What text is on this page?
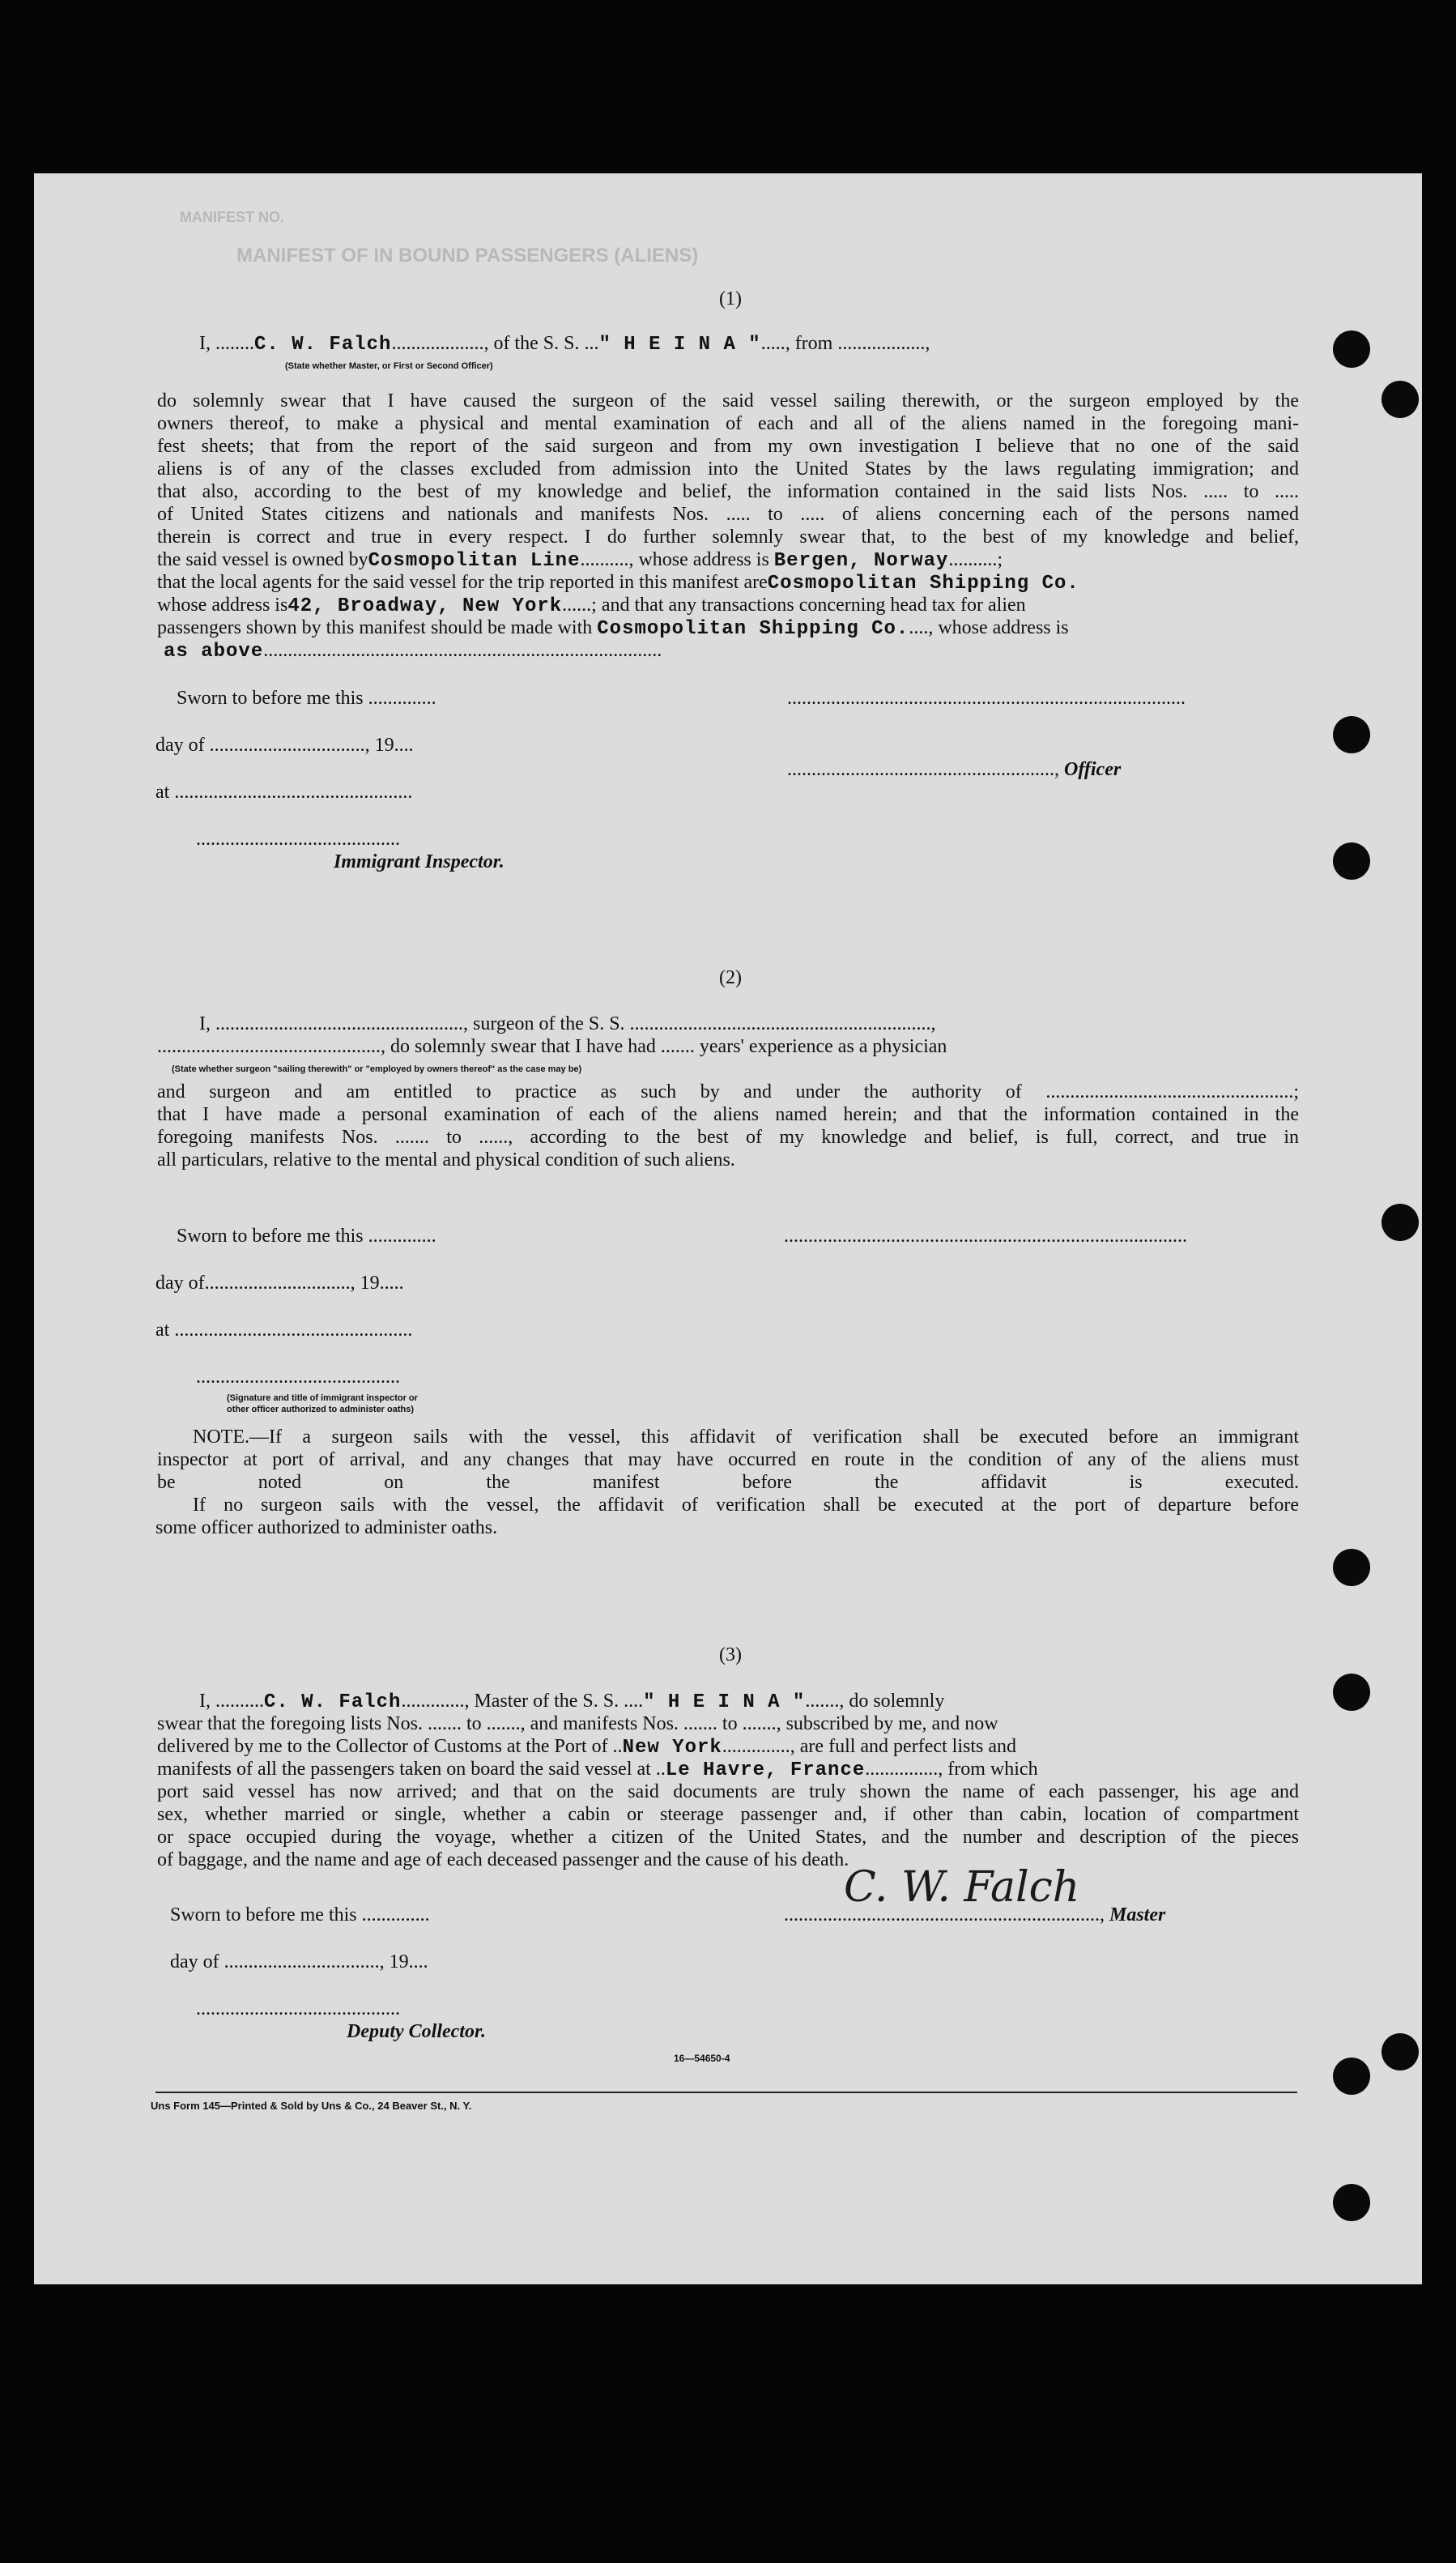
MANIFEST NO.
MANIFEST OF IN BOUND PASSENGERS (ALIENS)
(1)
I, ........C. W. Falch..................., of the S. S. ..." H E I N A "....., from ..................,
(State whether Master, or First or Second Officer)
do solemnly swear that I have caused the surgeon of the said vessel sailing therewith, or the surgeon employed by the
owners thereof, to make a physical and mental examination of each and all of the aliens named in the foregoing mani-
fest sheets; that from the report of the said surgeon and from my own investigation I believe that no one of the said
aliens is of any of the classes excluded from admission into the United States by the laws regulating immigration; and
that also, according to the best of my knowledge and belief, the information contained in the said lists Nos. ..... to .....
of United States citizens and nationals and manifests Nos. ..... to ..... of aliens concerning each of the persons named
therein is correct and true in every respect. I do further solemnly swear that, to the best of my knowledge and belief,
the said vessel is owned byCosmopolitan Line.........., whose address is Bergen, Norway..........;
that the local agents for the said vessel for the trip reported in this manifest areCosmopolitan Shipping Co.
whose address is42, Broadway, New York......; and that any transactions concerning head tax for alien
passengers shown by this manifest should be made with Cosmopolitan Shipping Co....., whose address is
as above..................................................................................
Sworn to before me this ..............	..................................................................................
day of ................................, 19....
......................................................., Officer
at .................................................
..........................................
Immigrant Inspector.
(2)
I, ..................................................., surgeon of the S. S. ..............................................................,
.............................................., do solemnly swear that I have had ....... years' experience as a physician
(State whether surgeon "sailing therewith" or "employed by owners thereof" as the case may be)
and surgeon and am entitled to practice as such by and under the authority of ...................................................;
that I have made a personal examination of each of the aliens named herein; and that the information contained in the
foregoing manifests Nos. ....... to ......, according to the best of my knowledge and belief, is full, correct, and true in
all particulars, relative to the mental and physical condition of such aliens.
Sworn to before me this ..............	...................................................................................
day of.............................., 19.....
at .................................................
..........................................
(Signature and title of immigrant inspector or
other officer authorized to administer oaths)
NOTE.—If a surgeon sails with the vessel, this affidavit of verification shall be executed before an immigrant
inspector at port of arrival, and any changes that may have occurred en route in the condition of any of the aliens must
be noted on the manifest before the affidavit is executed.
If no surgeon sails with the vessel, the affidavit of verification shall be executed at the port of departure before
some officer authorized to administer oaths.
(3)
I, ..........C. W. Falch............., Master of the S. S. ...." H E I N A "......., do solemnly
swear that the foregoing lists Nos. ....... to ......., and manifests Nos. ....... to ......., subscribed by me, and now
delivered by me to the Collector of Customs at the Port of ..New York.............., are full and perfect lists and
manifests of all the passengers taken on board the said vessel at ..Le Havre, France..............., from which
port said vessel has now arrived; and that on the said documents are truly shown the name of each passenger, his age and
sex, whether married or single, whether a cabin or steerage passenger and, if other than cabin, location of compartment
or space occupied during the voyage, whether a citizen of the United States, and the number and description of the pieces
of baggage, and the name and age of each deceased passenger and the cause of his death.
Sworn to before me this ..............	................................................................., Master
C. W. Falch
day of ................................, 19....
..........................................
Deputy Collector.
16—54650-4
Uns Form 145—Printed & Sold by Uns & Co., 24 Beaver St., N. Y.
